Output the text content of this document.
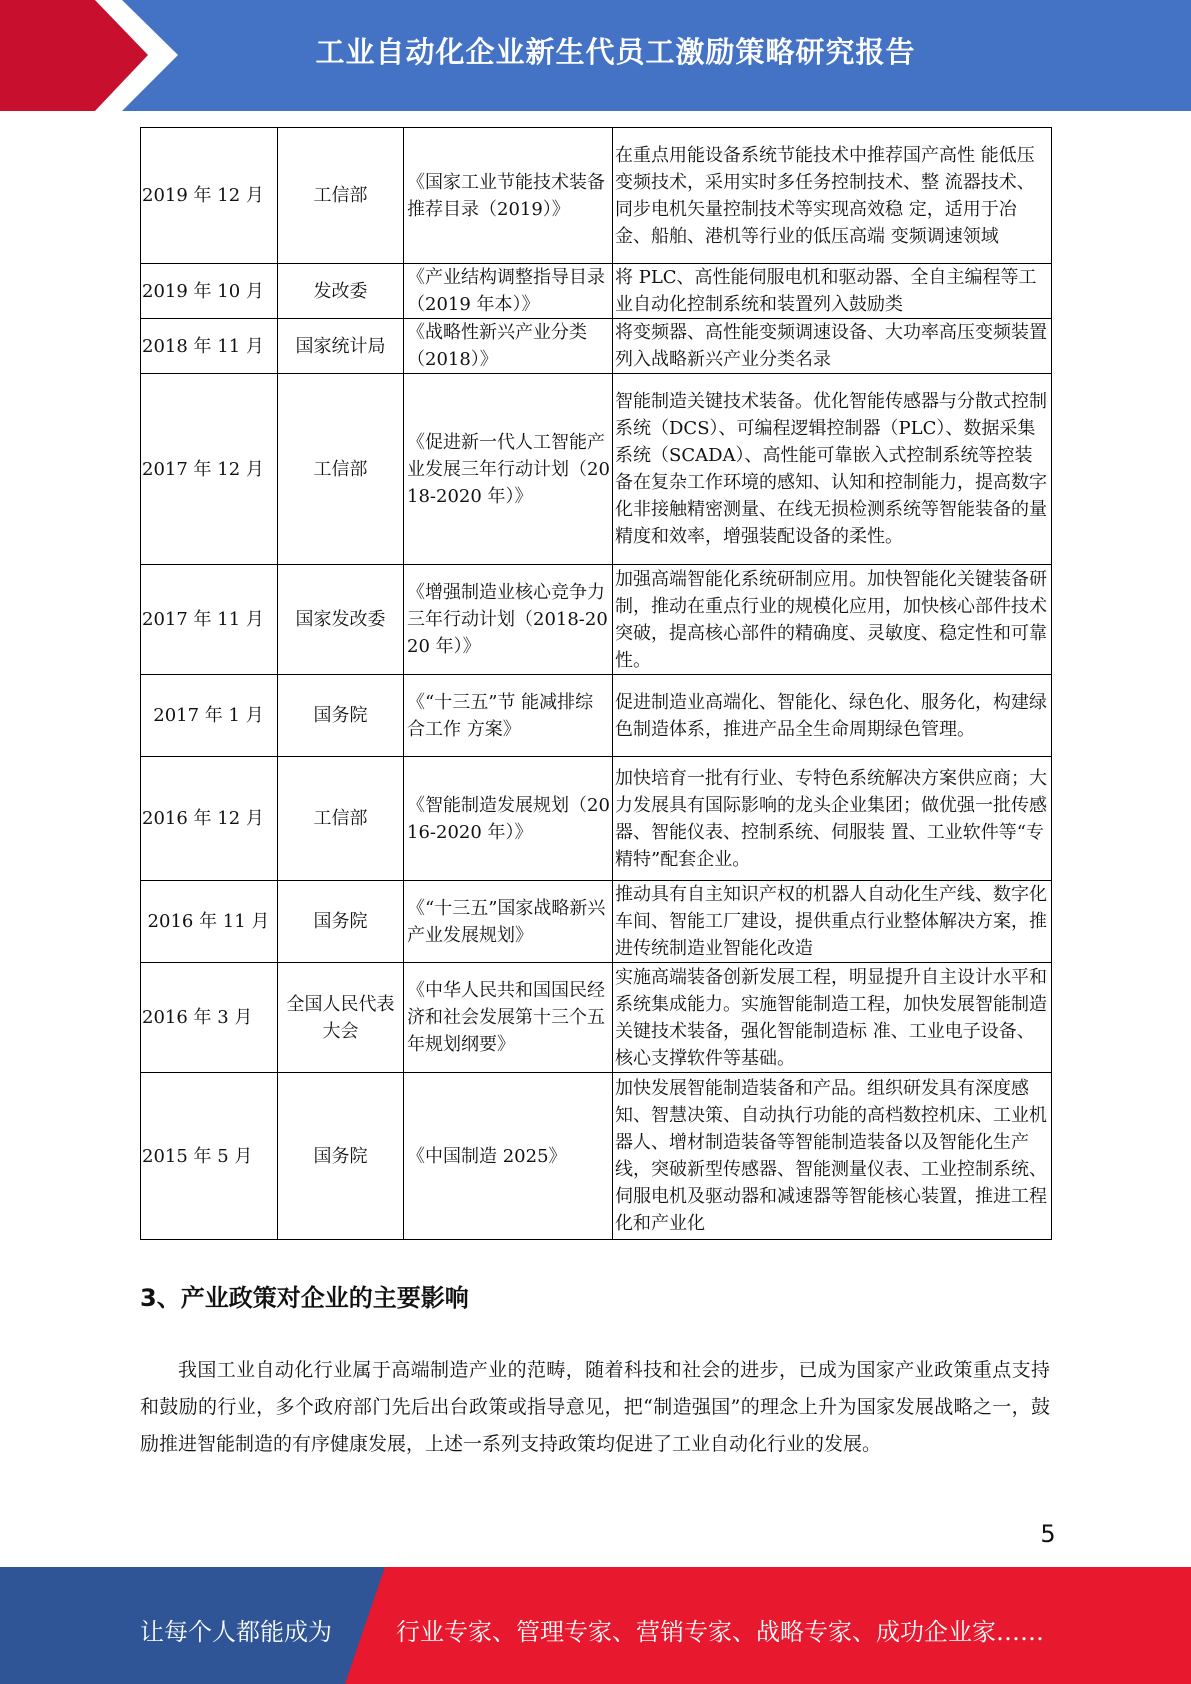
工业自动化企业新生代员工激励策略研究报告
2019 年 12 月	工信部	《国家工业节能技术装备推荐目录（2019）》	在重点用能设备系统节能技术中推荐国产高性 能低压变频技术，采用实时多任务控制技术、整 流器技术、同步电机矢量控制技术等实现高效稳 定，适用于冶金、船舶、港机等行业的低压高端 变频调速领域
2019 年 10 月	发改委	《产业结构调整指导目录（2019 年本）》	将 PLC、高性能伺服电机和驱动器、全自主编程等工业自动化控制系统和装置列入鼓励类
2018 年 11 月	国家统计局	《战略性新兴产业分类（2018）》	将变频器、高性能变频调速设备、大功率高压变频装置列入战略新兴产业分类名录
2017 年 12 月	工信部	《促进新一代人工智能产业发展三年行动计划（2018-2020 年）》	智能制造关键技术装备。优化智能传感器与分散式控制系统（DCS）、可编程逻辑控制器（PLC）、数据采集系统（SCADA）、高性能可靠嵌入式控制系统等控装备在复杂工作环境的感知、认知和控制能力，提高数字化非接触精密测量、在线无损检测系统等智能装备的量精度和效率，增强装配设备的柔性。
2017 年 11 月	国家发改委	《增强制造业核心竞争力三年行动计划（2018-2020 年）》	加强高端智能化系统研制应用。加快智能化关键装备研制，推动在重点行业的规模化应用，加快核心部件技术突破，提高核心部件的精确度、灵敏度、稳定性和可靠性。
2017 年 1 月	国务院	《“十三五”节 能减排综合工作 方案》	促进制造业高端化、智能化、绿色化、服务化，构建绿色制造体系，推进产品全生命周期绿色管理。
2016 年 12 月	工信部	《智能制造发展规划（2016-2020 年）》	加快培育一批有行业、专特色系统解决方案供应商；大力发展具有国际影响的龙头企业集团；做优强一批传感器、智能仪表、控制系统、伺服装 置、工业软件等“专精特”配套企业。
2016 年 11 月	国务院	《“十三五”国家战略新兴产业发展规划》	推动具有自主知识产权的机器人自动化生产线、数字化车间、智能工厂建设，提供重点行业整体解决方案，推进传统制造业智能化改造
2016 年 3 月	全国人民代表大会	《中华人民共和国国民经济和社会发展第十三个五年规划纲要》	实施高端装备创新发展工程，明显提升自主设计水平和系统集成能力。实施智能制造工程，加快发展智能制造关键技术装备，强化智能制造标 准、工业电子设备、核心支撑软件等基础。
2015 年 5 月	国务院	《中国制造 2025》	加快发展智能制造装备和产品。组织研发具有深度感知、智慧决策、自动执行功能的高档数控机床、工业机器人、增材制造装备等智能制造装备以及智能化生产线，突破新型传感器、智能测量仪表、工业控制系统、伺服电机及驱动器和减速器等智能核心装置，推进工程化和产业化
3、产业政策对企业的主要影响

我国工业自动化行业属于高端制造产业的范畴，随着科技和社会的进步，已成为国家产业政策重点支持和鼓励的行业，多个政府部门先后出台政策或指导意见，把“制造强国”的理念上升为国家发展战略之一，鼓励推进智能制造的有序健康发展，上述一系列支持政策均促进了工业自动化行业的发展。

5
让每个人都能成为	行业专家、管理专家、营销专家、战略专家、成功企业家……
